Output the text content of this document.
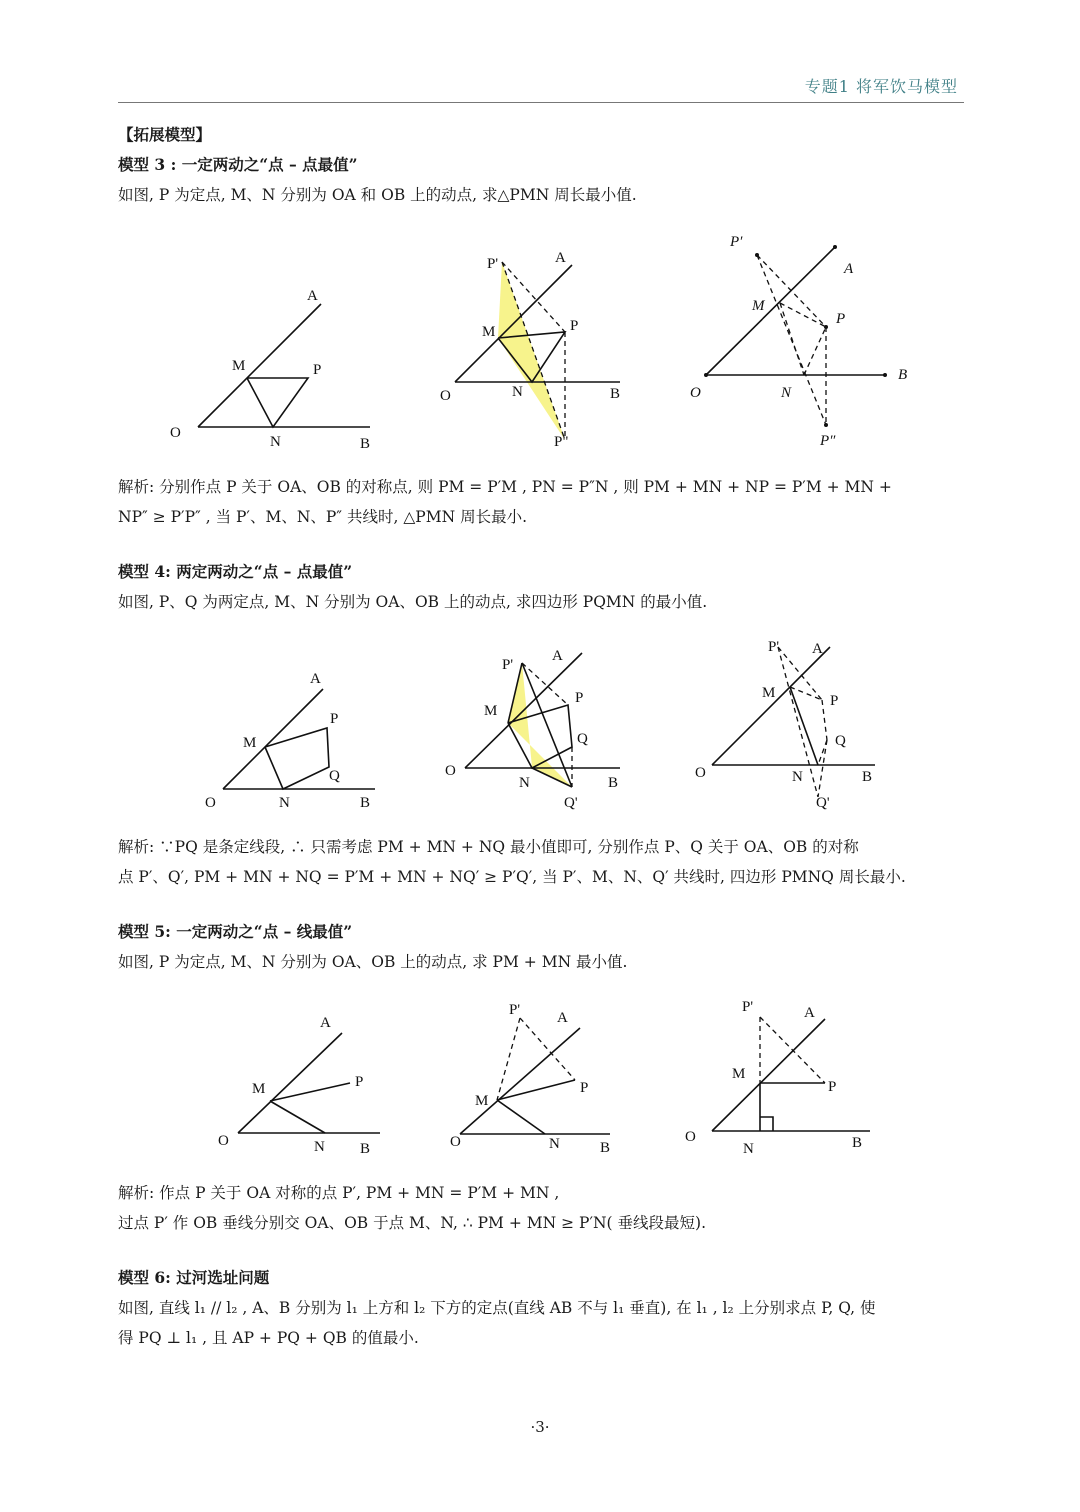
专题1 将军饮马模型
【拓展模型】
模型 3 : 一定两动之“点 – 点最值”
如图, P 为定点, M、N 分别为 OA 和 OB 上的动点, 求△PMN 周长最小值.
O
A
B
M
N
P
O
A
B
M
N
P
P'
P"
O
A
B
M
N
P
P′
P″
解析: 分别作点 P 关于 OA、OB 的对称点, 则 PM = P′M , PN = P″N , 则 PM + MN + NP = P′M + MN +
NP″ ≥ P′P″ , 当 P′、M、N、P″ 共线时, △PMN 周长最小.
模型 4: 两定两动之“点 – 点最值”
如图, P、Q 为两定点, M、N 分别为 OA、OB 上的动点, 求四边形 PQMN 的最小值.
O
A
B
M
N
P
Q	O
A
B
M
N
P
Q
P'
Q'
O
A
B
M
N
P
Q
P'
Q'
解析: ∵PQ 是条定线段, ∴ 只需考虑 PM + MN + NQ 最小值即可, 分别作点 P、Q 关于 OA、OB 的对称
点 P′、Q′, PM + MN + NQ = P′M + MN + NQ′ ≥ P′Q′, 当 P′、M、N、Q′ 共线时, 四边形 PMNQ 周长最小.
模型 5: 一定两动之“点 – 线最值”
如图, P 为定点, M、N 分别为 OA、OB 上的动点, 求 PM + MN 最小值.
O
A
B
M
N
P
O
A
B
M
N
P
P'
O
A
B
M
N
P
P'
解析: 作点 P 关于 OA 对称的点 P′, PM + MN = P′M + MN ,
过点 P′ 作 OB 垂线分别交 OA、OB 于点 M、N, ∴ PM + MN ≥ P′N( 垂线段最短).
模型 6: 过河选址问题
如图, 直线 l₁ // l₂ , A、B 分别为 l₁ 上方和 l₂ 下方的定点(直线 AB 不与 l₁ 垂直), 在 l₁ , l₂ 上分别求点 P, Q, 使
得 PQ ⊥ l₁ , 且 AP + PQ + QB 的值最小.
·3·
